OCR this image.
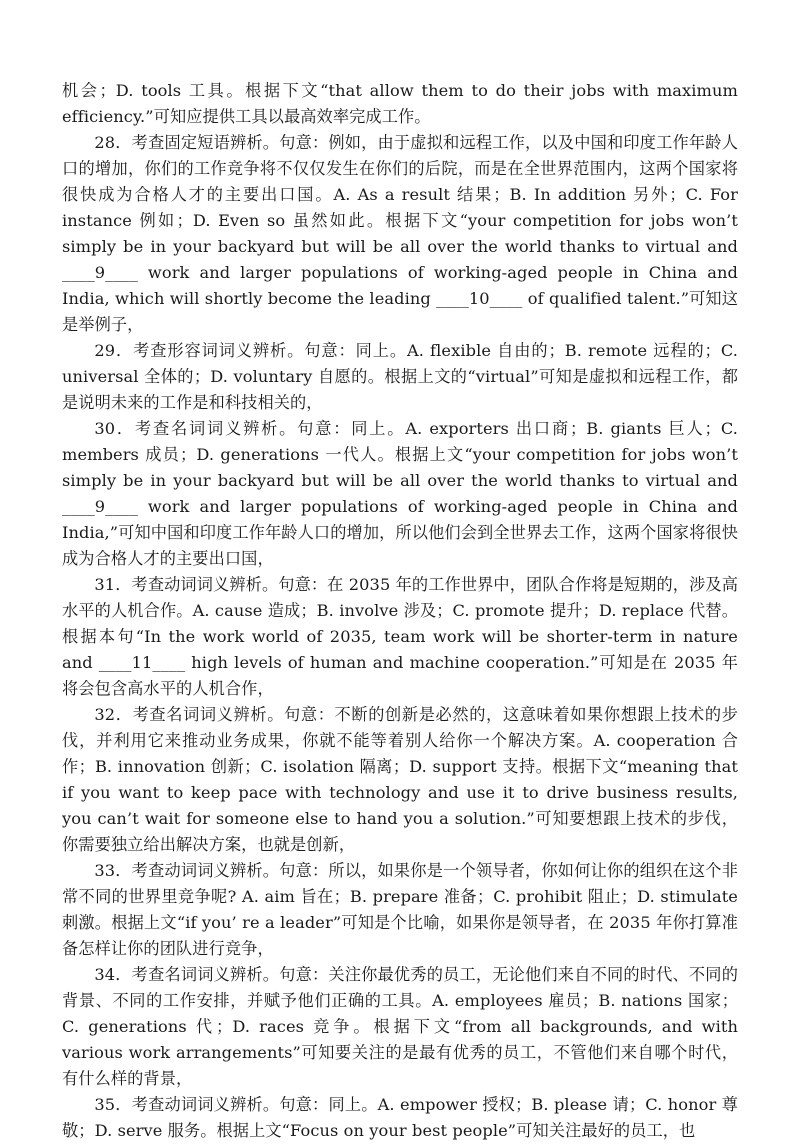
机会；D. tools 工具。根据下文“that allow them to do their jobs with maximum efficiency.”可知应提供工具以最高效率完成工作。

28．考查固定短语辨析。句意：例如，由于虚拟和远程工作，以及中国和印度工作年龄人口的增加，你们的工作竞争将不仅仅发生在你们的后院，而是在全世界范围内，这两个国家将很快成为合格人才的主要出口国。A. As a result 结果；B. In addition 另外；C. For instance 例如；D. Even so 虽然如此。根据下文“your competition for jobs won’t simply be in your backyard but will be all over the world thanks to virtual and ____9____ work and larger populations of working-aged people in China and India, which will shortly become the leading ____10____ of qualified talent.”可知这是举例子，

29．考查形容词词义辨析。句意：同上。A. flexible 自由的；B. remote 远程的；C. universal 全体的；D. voluntary 自愿的。根据上文的“virtual”可知是虚拟和远程工作，都是说明未来的工作是和科技相关的，

30．考查名词词义辨析。句意：同上。A. exporters 出口商；B. giants 巨人；C. members 成员；D. generations 一代人。根据上文“your competition for jobs won’t simply be in your backyard but will be all over the world thanks to virtual and ____9____ work and larger populations of working-aged people in China and India,”可知中国和印度工作年龄人口的增加，所以他们会到全世界去工作，这两个国家将很快成为合格人才的主要出口国，

31．考查动词词义辨析。句意：在 2035 年的工作世界中，团队合作将是短期的，涉及高水平的人机合作。A. cause 造成；B. involve 涉及；C. promote 提升；D. replace 代替。根据本句“In the work world of 2035, team work will be shorter-term in nature and ____11____ high levels of human and machine cooperation.”可知是在 2035 年将会包含高水平的人机合作，

32．考查名词词义辨析。句意：不断的创新是必然的，这意味着如果你想跟上技术的步伐，并利用它来推动业务成果，你就不能等着别人给你一个解决方案。A. cooperation 合作；B. innovation 创新；C. isolation 隔离；D. support 支持。根据下文“meaning that if you want to keep pace with technology and use it to drive business results, you can’t wait for someone else to hand you a solution.”可知要想跟上技术的步伐，你需要独立给出解决方案，也就是创新，

33．考查动词词义辨析。句意：所以，如果你是一个领导者，你如何让你的组织在这个非常不同的世界里竞争呢? A. aim 旨在；B. prepare 准备；C. prohibit 阻止；D. stimulate 刺激。根据上文“if you’ re a leader”可知是个比喻，如果你是领导者，在 2035 年你打算准备怎样让你的团队进行竞争，

34．考查名词词义辨析。句意：关注你最优秀的员工，无论他们来自不同的时代、不同的背景、不同的工作安排，并赋予他们正确的工具。A. employees 雇员；B. nations 国家；C. generations 代；D. races 竞争。根据下文“from all backgrounds, and with various work arrangements”可知要关注的是最有优秀的员工，不管他们来自哪个时代，有什么样的背景，

35．考查动词词义辨析。句意：同上。A. empower 授权；B. please 请；C. honor 尊敬；D. serve 服务。根据上文“Focus on your best people”可知关注最好的员工，也
